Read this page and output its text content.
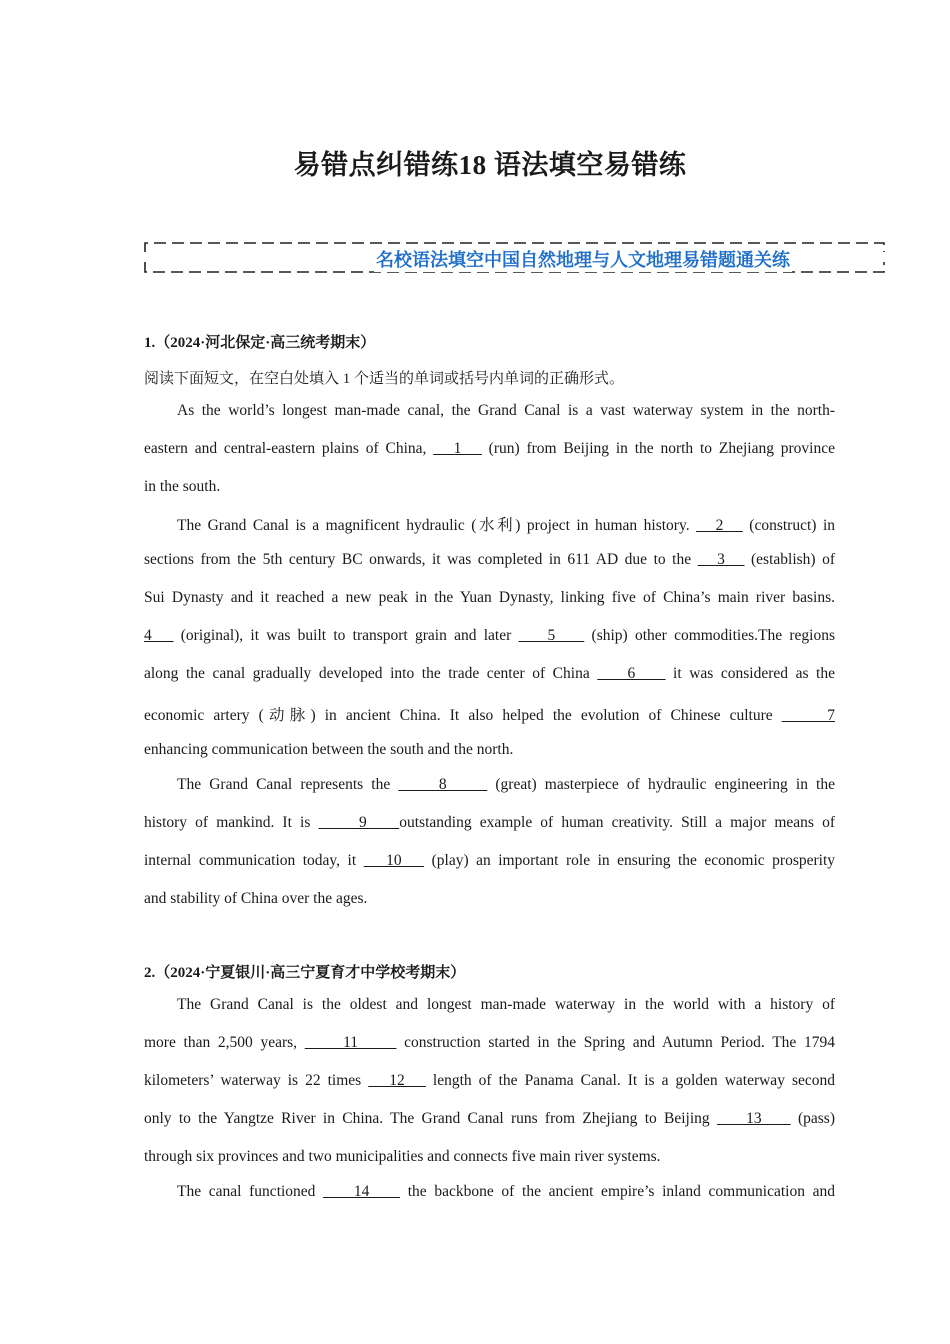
易错点纠错练18 语法填空易错练
名校语法填空中国自然地理与人文地理易错题通关练
1.（2024·河北保定·高三统考期末）
阅读下面短文，在空白处填入 1 个适当的单词或括号内单词的正确形式。
As the world’s longest man-made canal, the Grand Canal is a vast waterway system in the north-
eastern and central-eastern plains of China,    1    (run) from Beijing in the north to Zhejiang province
in the south.
The Grand Canal is a magnificent hydraulic (水利) project in human history.    2    (construct) in
sections from the 5th century BC onwards, it was completed in 611 AD due to the    3    (establish) of
Sui Dynasty and it reached a new peak in the Yuan Dynasty, linking five of China’s main river basins.
4    (original), it was built to transport grain and later     5     (ship) other commodities.The regions
along the canal gradually developed into the trade center of China     6     it was considered as the
economic artery (动脉) in ancient China. It also helped the evolution of Chinese culture      7
enhancing communication between the south and the north.
The Grand Canal represents the      8      (great) masterpiece of hydraulic engineering in the
history of mankind. It is      9    outstanding example of human creativity. Still a major means of
internal communication today, it    10    (play) an important role in ensuring the economic prosperity
and stability of China over the ages.
2.（2024·宁夏银川·高三宁夏育才中学校考期末）
The Grand Canal is the oldest and longest man-made waterway in the world with a history of
more than 2,500 years,      11      construction started in the Spring and Autumn Period. The 1794
kilometers’ waterway is 22 times    12    length of the Panama Canal. It is a golden waterway second
only to the Yangtze River in China. The Grand Canal runs from Zhejiang to Beijing     13     (pass)
through six provinces and two municipalities and connects five main river systems.
The canal functioned     14     the backbone of the ancient empire’s inland communication and
